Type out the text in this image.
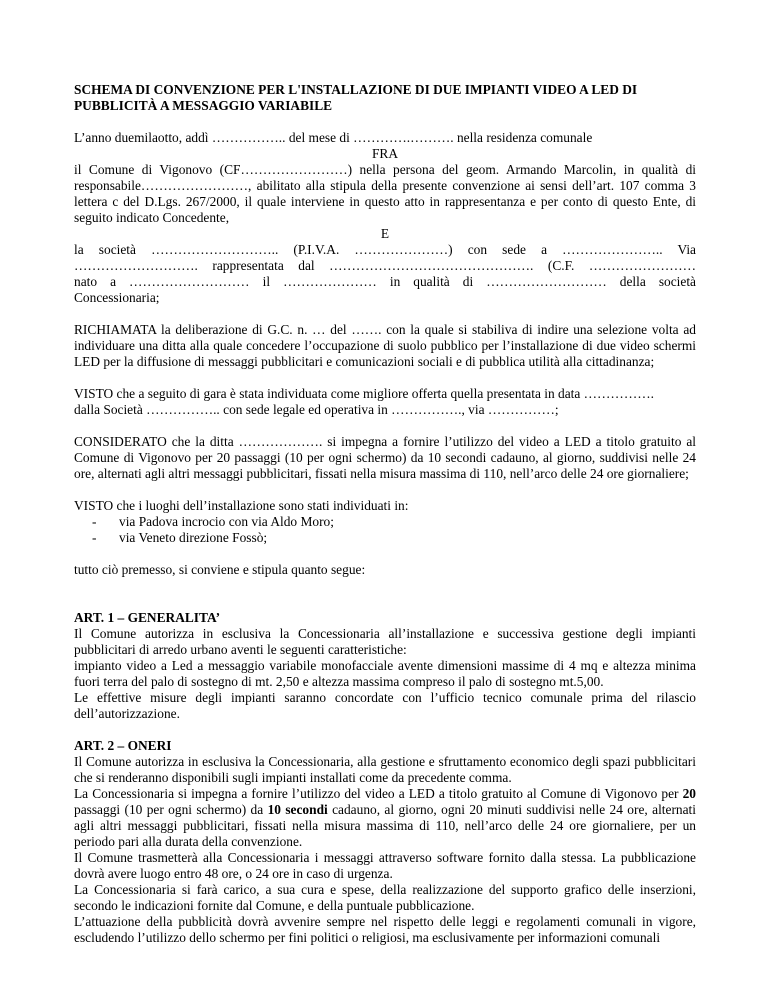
SCHEMA DI CONVENZIONE PER L'INSTALLAZIONE DI DUE IMPIANTI VIDEO A LED DI PUBBLICITÀ A MESSAGGIO VARIABILE

L’anno duemilaotto, addì …………….. del mese di ………….………. nella residenza comunale

FRA

il Comune di Vigonovo (CF……………………) nella persona del geom. Armando Marcolin, in qualità di responsabile……………………, abilitato alla stipula della presente convenzione ai sensi dell’art. 107 comma 3 lettera c del D.Lgs. 267/2000, il quale interviene in questo atto in rappresentanza e per conto di questo Ente, di seguito indicato Concedente,

E

la società ……………………….. (P.I.V.A. …………………) con sede a ………………….. Via
………………………. rappresentata dal ………………………………………. (C.F. ……………………
nato a ……………………… il ………………… in qualità di ……………………… della società
Concessionaria;

RICHIAMATA la deliberazione di G.C. n. … del ……. con la quale si stabiliva di indire una selezione volta ad individuare una ditta alla quale concedere l’occupazione di suolo pubblico per l’installazione di due video schermi LED per la diffusione di messaggi pubblicitari e comunicazioni sociali e di pubblica utilità alla cittadinanza;

VISTO che a seguito di gara è stata individuata come migliore offerta quella presentata in data …………….
dalla Società …………….. con sede legale ed operativa in ……………., via ……………;

CONSIDERATO che la ditta ………………. si impegna a fornire l’utilizzo del video a LED a titolo gratuito al Comune di Vigonovo per 20 passaggi (10 per ogni schermo) da 10 secondi cadauno, al giorno, suddivisi nelle 24 ore, alternati agli altri messaggi pubblicitari, fissati nella misura massima di 110, nell’arco delle 24 ore giornaliere;

VISTO che i luoghi dell’installazione sono stati individuati in:

- via Padova incrocio con via Aldo Moro;
- via Veneto direzione Fossò;

tutto ciò premesso, si conviene e stipula quanto segue:

ART. 1 – GENERALITA’

Il Comune autorizza in esclusiva la Concessionaria all’installazione e successiva gestione degli impianti pubblicitari di arredo urbano aventi le seguenti caratteristiche:

impianto video a Led a messaggio variabile monofacciale avente dimensioni massime di 4 mq e altezza minima fuori terra del palo di sostegno di mt. 2,50 e altezza massima compreso il palo di sostegno mt.5,00.

Le effettive misure degli impianti saranno concordate con l’ufficio tecnico comunale prima del rilascio dell’autorizzazione.

ART. 2 – ONERI

Il Comune autorizza in esclusiva la Concessionaria, alla gestione e sfruttamento economico degli spazi pubblicitari che si renderanno disponibili sugli impianti installati come da precedente comma.

La Concessionaria si impegna a fornire l’utilizzo del video a LED a titolo gratuito al Comune di Vigonovo per 20 passaggi (10 per ogni schermo) da 10 secondi cadauno, al giorno, ogni 20 minuti suddivisi nelle 24 ore, alternati agli altri messaggi pubblicitari, fissati nella misura massima di 110, nell’arco delle 24 ore giornaliere, per un periodo pari alla durata della convenzione.

Il Comune trasmetterà alla Concessionaria i messaggi attraverso software fornito dalla stessa. La pubblicazione dovrà avere luogo entro 48 ore, o 24 ore in caso di urgenza.

La Concessionaria si farà carico, a sua cura e spese, della realizzazione del supporto grafico delle inserzioni, secondo le indicazioni fornite dal Comune, e della puntuale pubblicazione.

L’attuazione della pubblicità dovrà avvenire sempre nel rispetto delle leggi e regolamenti comunali in vigore, escludendo l’utilizzo dello schermo per fini politici o religiosi, ma esclusivamente per informazioni comunali
